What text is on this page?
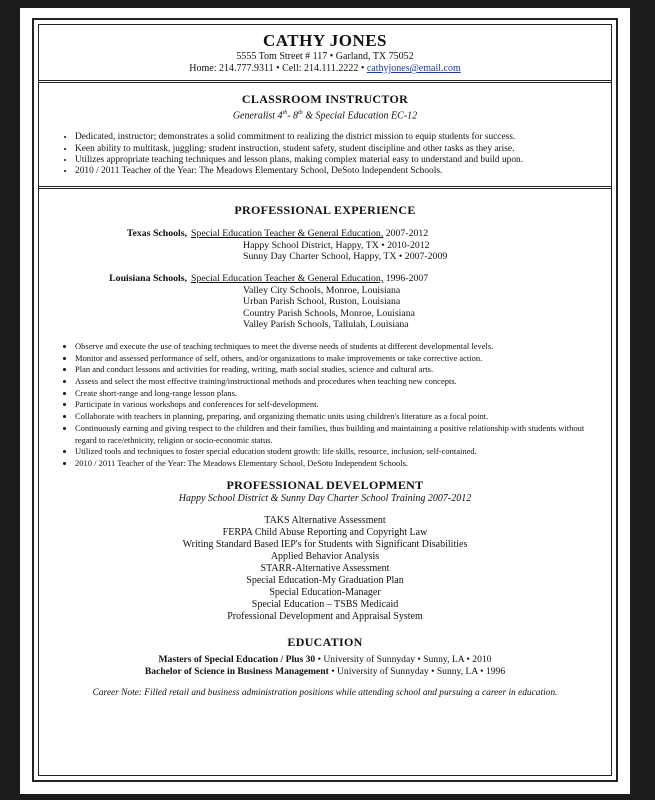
CATHY JONES
5555 Tom Street # 117 • Garland, TX 75052
Home: 214.777.9311 • Cell: 214.111.2222 • cathyjones@email.com
CLASSROOM INSTRUCTOR
Generalist 4th- 8th & Special Education EC-12
• Dedicated, instructor; demonstrates a solid commitment to realizing the district mission to equip students for success.
• Keen ability to multitask, juggling: student instruction, student safety, student discipline and other tasks as they arise.
• Utilizes appropriate teaching techniques and lesson plans, making complex material easy to understand and build upon.
• 2010 / 2011 Teacher of the Year: The Meadows Elementary School, DeSoto Independent Schools.
PROFESSIONAL EXPERIENCE
Texas Schools, Special Education Teacher & General Education, 2007-2012
Happy School District, Happy, TX • 2010-2012
Sunny Day Charter School, Happy, TX • 2007-2009
Louisiana Schools, Special Education Teacher & General Education, 1996-2007
Valley City Schools, Monroe, Louisiana
Urban Parish School, Ruston, Louisiana
Country Parish Schools, Monroe, Louisiana
Valley Parish Schools, Tallulah, Louisiana
• Observe and execute the use of teaching techniques to meet the diverse needs of students at different developmental levels.
• Monitor and assessed performance of self, others, and/or organizations to make improvements or take corrective action.
• Plan and conduct lessons and activities for reading, writing, math social studies, science and cultural arts.
• Assess and select the most effective training/instructional methods and procedures when teaching new concepts.
• Create short-range and long-range lesson plans.
• Participate in various workshops and conferences for self-development.
• Collaborate with teachers in planning, preparing, and organizing thematic units using children's literature as a focal point.
• Continuously earning and giving respect to the children and their families, thus building and maintaining a positive relationship with students without regard to race/ethnicity, religion or socio-economic status.
• Utilized tools and techniques to foster special education student growth: life skills, resource, inclusion, self-contained.
• 2010 / 2011 Teacher of the Year: The Meadows Elementary School, DeSoto Independent Schools.
PROFESSIONAL DEVELOPMENT
Happy School District & Sunny Day Charter School Training 2007-2012
TAKS Alternative Assessment
FERPA Child Abuse Reporting and Copyright Law
Writing Standard Based IEP's for Students with Significant Disabilities
Applied Behavior Analysis
STARR-Alternative Assessment
Special Education-My Graduation Plan
Special Education-Manager
Special Education – TSBS Medicaid
Professional Development and Appraisal System
EDUCATION
Masters of Special Education / Plus 30 • University of Sunnyday • Sunny, LA • 2010
Bachelor of Science in Business Management • University of Sunnyday • Sunny, LA • 1996
Career Note: Filled retail and business administration positions while attending school and pursuing a career in education.
